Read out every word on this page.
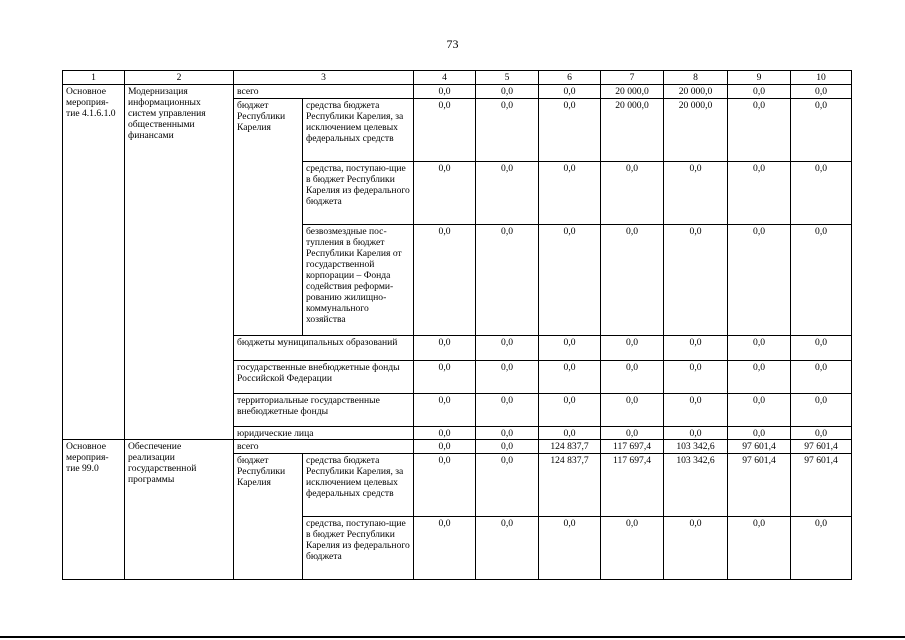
73
1	2	3		4	5	6	7	8	9	10
Основное мероприя-тие 4.1.6.1.0	Модернизация информационных систем управления общественными финансами	всего		0,0	0,0	0,0	20 000,0	20 000,0	0,0	0,0
		бюджет Республики Карелия	средства бюджета Республики Карелия, за исключением целевых федеральных средств	0,0	0,0	0,0	20 000,0	20 000,0	0,0	0,0
			средства, поступаю-щие в бюджет Республики Карелия из федерального бюджета	0,0	0,0	0,0	0,0	0,0	0,0	0,0
			безвозмездные пос-тупления в бюджет Республики Карелия от государственной корпорации – Фонда содействия реформи-рованию жилищно-коммунального хозяйства	0,0	0,0	0,0	0,0	0,0	0,0	0,0
		бюджеты муниципальных образований		0,0	0,0	0,0	0,0	0,0	0,0	0,0
		государственные внебюджетные фонды Российской Федерации		0,0	0,0	0,0	0,0	0,0	0,0	0,0
		территориальные государственные внебюджетные фонды		0,0	0,0	0,0	0,0	0,0	0,0	0,0
		юридические лица		0,0	0,0	0,0	0,0	0,0	0,0	0,0
Основное мероприя-тие 99.0	Обеспечение реализации государственной программы	всего		0,0	0,0	124 837,7	117 697,4	103 342,6	97 601,4	97 601,4
		бюджет Республики Карелия	средства бюджета Республики Карелия, за исключением целевых федеральных средств	0,0	0,0	124 837,7	117 697,4	103 342,6	97 601,4	97 601,4
			средства, поступаю-щие в бюджет Республики Карелия из федерального бюджета	0,0	0,0	0,0	0,0	0,0	0,0	0,0
